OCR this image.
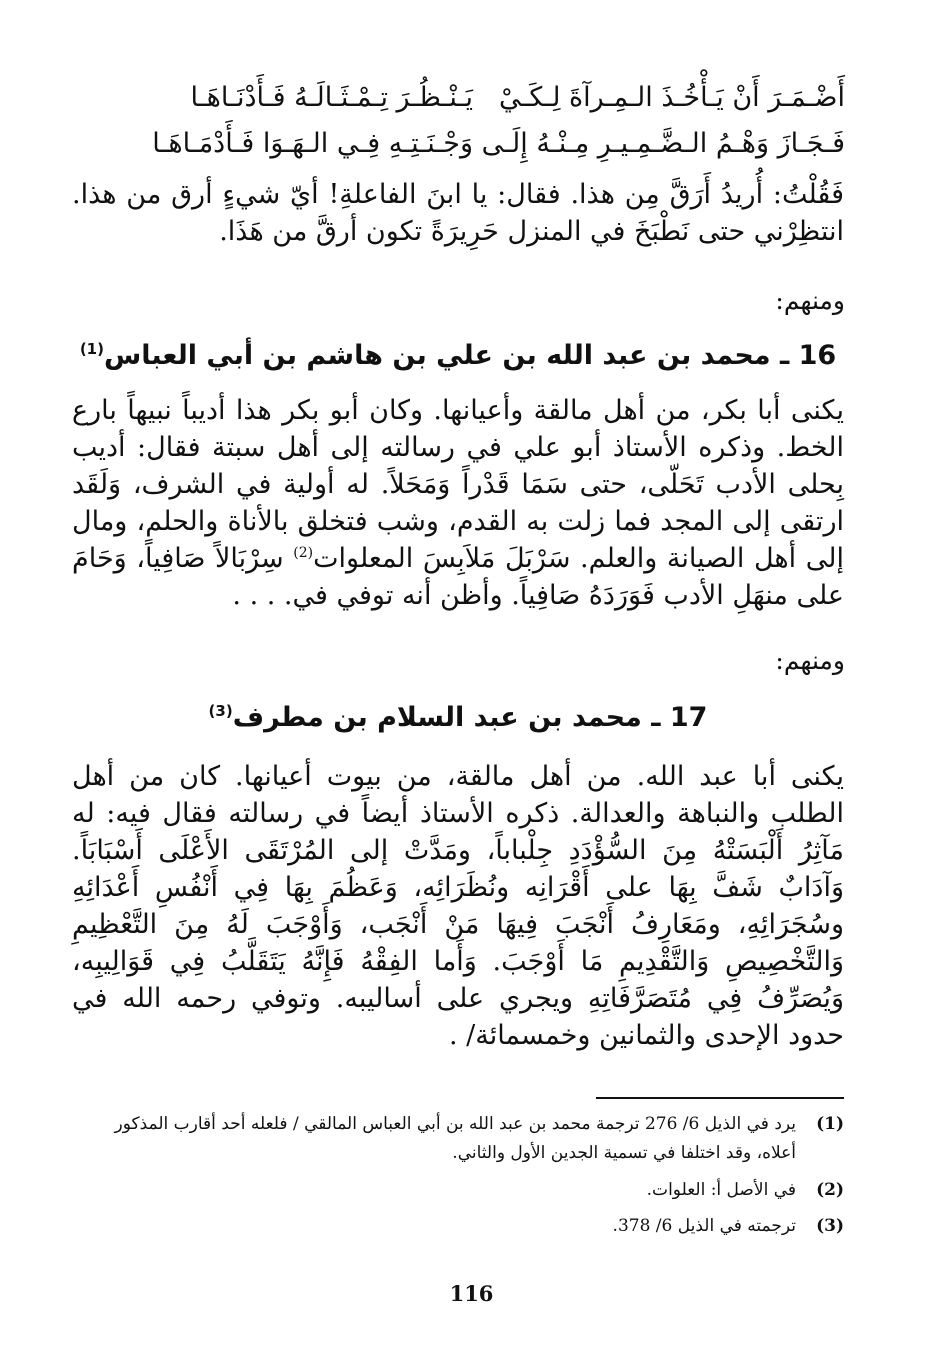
أَضْـمَـرَ أَنْ يَـأْخُـذَ الـمِـرآةَ لِـكَـيْ
يَـنْـظُـرَ تِـمْـثَـالَـهُ فَـأَدْنَـاهَـا
فَـجَـازَ وَهْـمُ الـضَّـمِـيـرِ مِـنْـهُ إِلَـى
وَجْـنَـتِـهِ فِـي الـهَـوَا فَـأَدْمَـاهَـا

فَقُلْتُ: أُريدُ أَرَقَّ مِن هذا. فقال: يا ابنَ الفاعلةِ! أيّ شيءٍ أرق من هذا. انتظِرْني حتى نَطْبَخَ في المنزل حَرِيرَةً تكون أرقَّ من هَذَا.

ومنهم:
16 ـ محمد بن عبد الله بن علي بن هاشم بن أبي العباس$^{(1)}$

يكنى أبا بكر، من أهل مالقة وأعيانها. وكان أبو بكر هذا أديباً نبيهاً بارع الخط. وذكره الأستاذ أبو علي في رسالته إلى أهل سبتة فقال: أديب بِحلى الأدب تَحَلّى، حتى سَمَا قَدْراً وَمَحَلاً. له أولية في الشرف، وَلَقَد ارتقى إلى المجد فما زلت به القدم، وشب فتخلق بالأناة والحلم، ومال إلى أهل الصيانة والعلم. سَرْبَلَ مَلاَبِسَ المعلوات$^{(2)}$ سِرْبَالاً صَافِياً، وَحَامَ على منهَلِ الأدب فَوَرَدَهُ صَافِياً. وأظن أنه توفي في. . . .

ومنهم:
17 ـ محمد بن عبد السلام بن مطرف$^{(3)}$

يكنى أبا عبد الله. من أهل مالقة، من بيوت أعيانها. كان من أهل الطلب والنباهة والعدالة. ذكره الأستاذ أيضاً في رسالته فقال فيه: له مَآثِرُ أَلْبَسَتْهُ مِنَ السُّؤْدَدِ جِلْباباً، ومَدَّتْ إلى المُرْتَقَى الأَعْلَى أَسْبَابَاً. وَآدَابٌ شَفَّ بِهَا على أَقْرَانِه ونُظَرَائِه، وَعَظُمَ بِهَا فِي أَنْفُسِ أَعْدَائِهِ وسُجَرَائِهِ، ومَعَارِفُ أَنْجَبَ فِيهَا مَنْ أَنْجَب، وَأَوْجَبَ لَهُ مِنَ التَّعْظِيمِ وَالتَّخْصِيصِ وَالتَّقْدِيمِ مَا أَوْجَبَ. وَأَما الفِقْهُ فَإِنَّهُ يَتَقَلَّبُ فِي قَوَالِيبِه، وَيُصَرِّفُ فِي مُتَصَرَّفَاتِهِ ويجري على أساليبه. وتوفي رحمه الله في حدود الإحدى والثمانين وخمسمائة/ .

(1)
يرد في الذيل 6/ 276 ترجمة محمد بن عبد الله بن أبي العباس المالقي / فلعله أحد أقارب المذكور أعلاه، وقد اختلفا في تسمية الجدين الأول والثاني.
(2)
في الأصل أ: العلوات.
(3)
ترجمته في الذيل 6/ 378.
116
